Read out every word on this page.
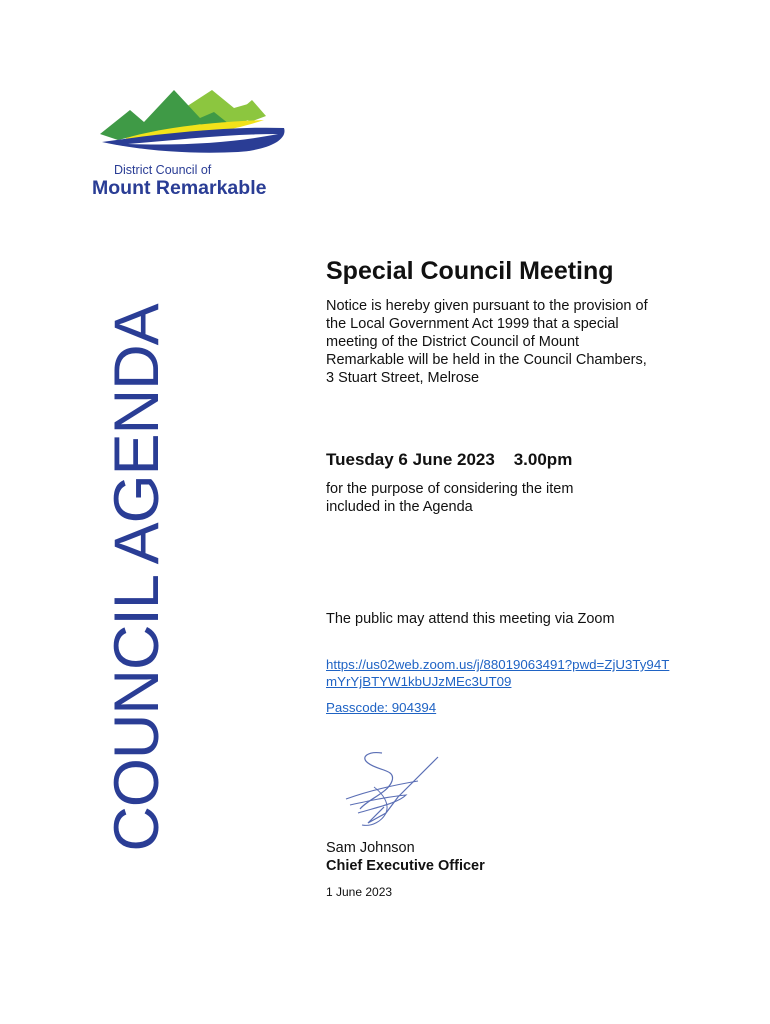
District Council of
Mount Remarkable
COUNCIL AGENDA
Special Council Meeting
Notice is hereby given pursuant to the provision of the Local Government Act 1999 that a special meeting of the District Council of Mount Remarkable will be held in the Council Chambers, 3 Stuart Street, Melrose
Tuesday 6 June 2023    3.00pm
for the purpose of considering the item included in the Agenda
The public may attend this meeting via Zoom
https://us02web.zoom.us/j/88019063491?pwd=ZjU3Ty94TmYrYjBTYW1kbUJzMEc3UT09
Passcode: 904394
Sam Johnson
Chief Executive Officer
1 June 2023
